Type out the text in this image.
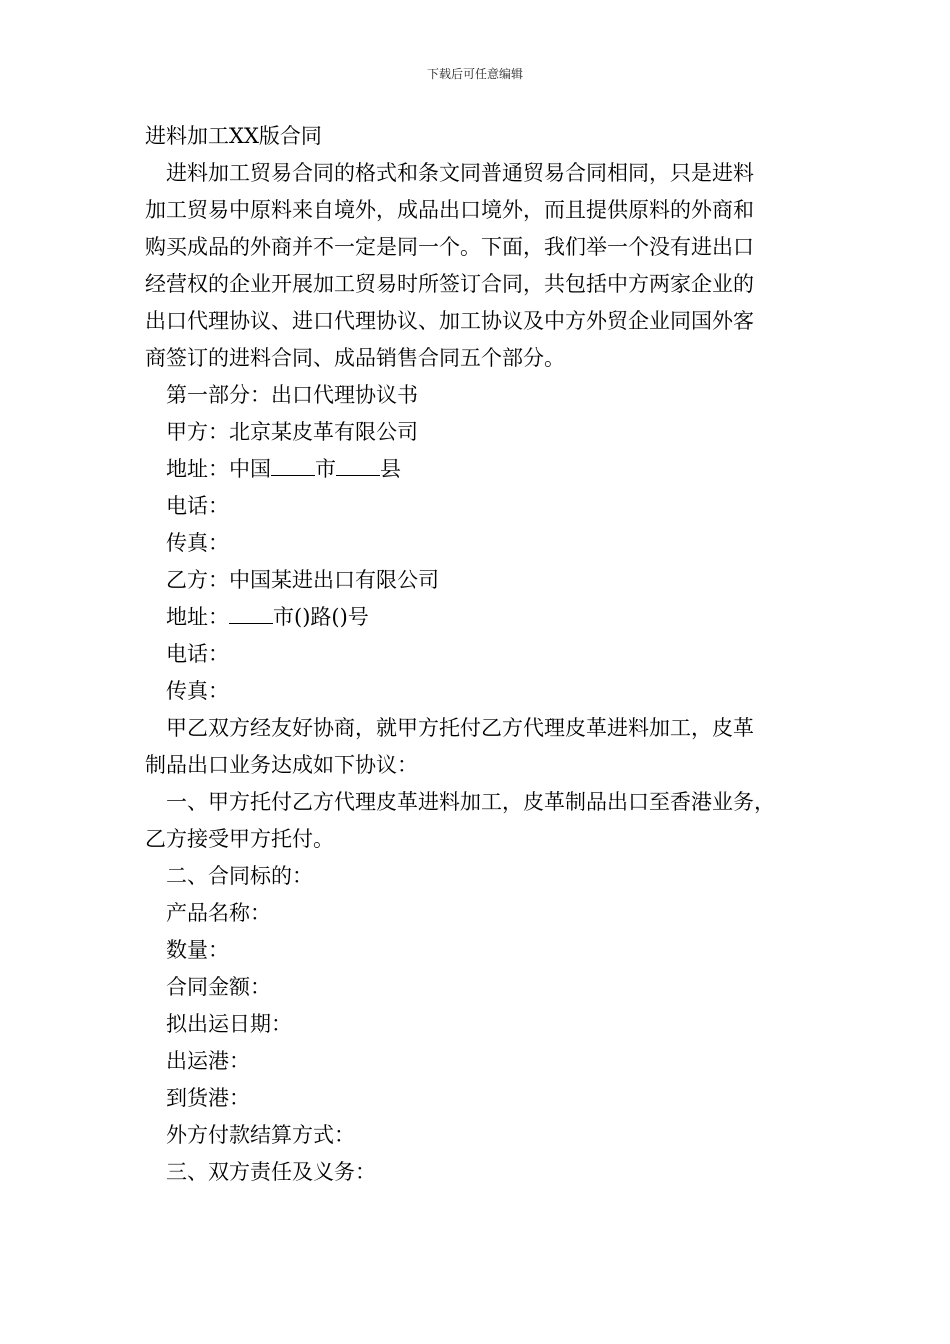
下载后可任意编辑
进料加工XX版合同
进料加工贸易合同的格式和条文同普通贸易合同相同，只是进料
加工贸易中原料来自境外，成品出口境外，而且提供原料的外商和
购买成品的外商并不一定是同一个。下面，我们举一个没有进出口
经营权的企业开展加工贸易时所签订合同，共包括中方两家企业的
出口代理协议、进口代理协议、加工协议及中方外贸企业同国外客
商签订的进料合同、成品销售合同五个部分。
第一部分：出口代理协议书
甲方：北京某皮革有限公司
地址：中国 市 县
电话：
传真：
乙方：中国某进出口有限公司
地址： 市()路()号
电话：
传真：
甲乙双方经友好协商，就甲方托付乙方代理皮革进料加工，皮革
制品出口业务达成如下协议：
一、甲方托付乙方代理皮革进料加工，皮革制品出口至香港业务，
乙方接受甲方托付。
二、合同标的：
产品名称：
数量：
合同金额：
拟出运日期：
出运港：
到货港：
外方付款结算方式：
三、双方责任及义务：
